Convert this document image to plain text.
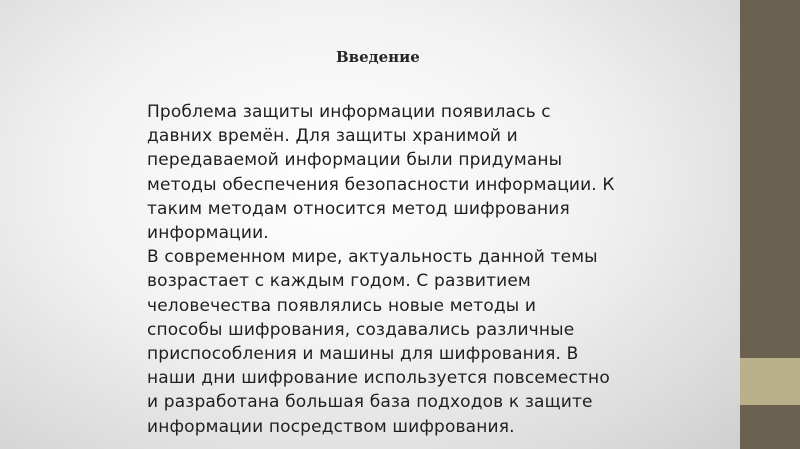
Введение

Проблема защиты информации появилась с давних времён. Для защиты хранимой и передаваемой информации были придуманы методы обеспечения безопасности информации. К таким методам относится метод шифрования информации.

В современном мире, актуальность данной темы возрастает с каждым годом. С развитием человечества появлялись новые методы и способы шифрования, создавались различные приспособления и машины для шифрования. В наши дни шифрование используется повсеместно и разработана большая база подходов к защите информации посредством шифрования.
